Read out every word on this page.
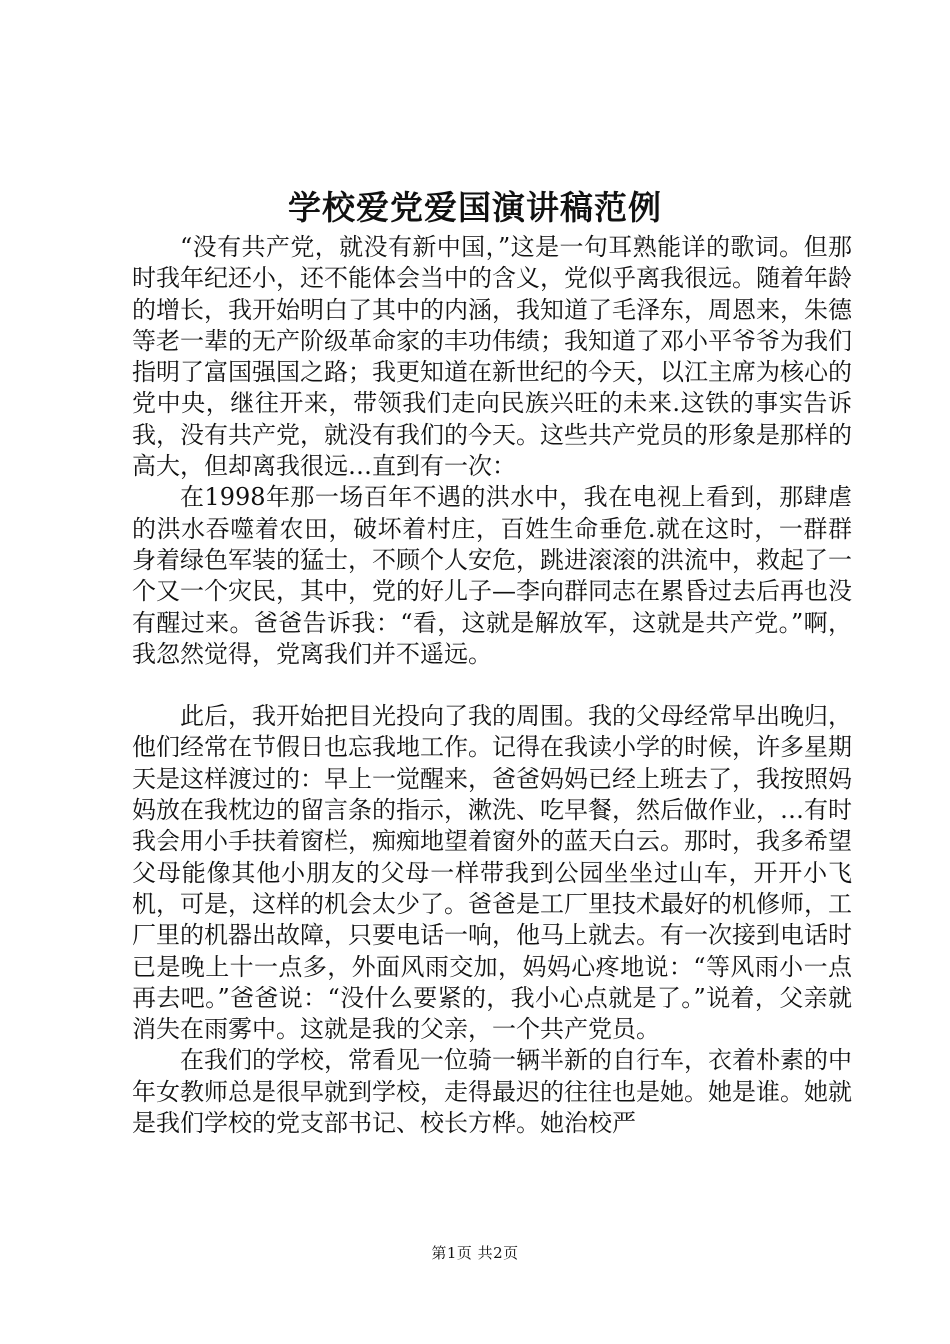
学校爱党爱国演讲稿范例

“没有共产党，就没有新中国，”这是一句耳熟能详的歌词。但那时我年纪还小，还不能体会当中的含义，党似乎离我很远。随着年龄的增长，我开始明白了其中的内涵，我知道了毛泽东，周恩来，朱德等老一辈的无产阶级革命家的丰功伟绩；我知道了邓小平爷爷为我们指明了富国强国之路；我更知道在新世纪的今天，以江主席为核心的党中央，继往开来，带领我们走向民族兴旺的未来.这铁的事实告诉我，没有共产党，就没有我们的今天。这些共产党员的形象是那样的高大，但却离我很远…直到有一次：

在1998年那一场百年不遇的洪水中，我在电视上看到，那肆虐的洪水吞噬着农田，破坏着村庄，百姓生命垂危.就在这时，一群群身着绿色军装的猛士，不顾个人安危，跳进滚滚的洪流中，救起了一个又一个灾民，其中，党的好儿子—李向群同志在累昏过去后再也没有醒过来。爸爸告诉我：“看，这就是解放军，这就是共产党。”啊，我忽然觉得，党离我们并不遥远。

此后，我开始把目光投向了我的周围。我的父母经常早出晚归，他们经常在节假日也忘我地工作。记得在我读小学的时候，许多星期天是这样渡过的：早上一觉醒来，爸爸妈妈已经上班去了，我按照妈妈放在我枕边的留言条的指示，漱洗、吃早餐，然后做作业，…有时我会用小手扶着窗栏，痴痴地望着窗外的蓝天白云。那时，我多希望父母能像其他小朋友的父母一样带我到公园坐坐过山车，开开小飞机，可是，这样的机会太少了。爸爸是工厂里技术最好的机修师，工厂里的机器出故障，只要电话一响，他马上就去。有一次接到电话时已是晚上十一点多，外面风雨交加，妈妈心疼地说：“等风雨小一点再去吧。”爸爸说：“没什么要紧的，我小心点就是了。”说着，父亲就消失在雨雾中。这就是我的父亲，一个共产党员。

在我们的学校，常看见一位骑一辆半新的自行车，衣着朴素的中年女教师总是很早就到学校，走得最迟的往往也是她。她是谁。她就是我们学校的党支部书记、校长方桦。她治校严

第1页 共2页
